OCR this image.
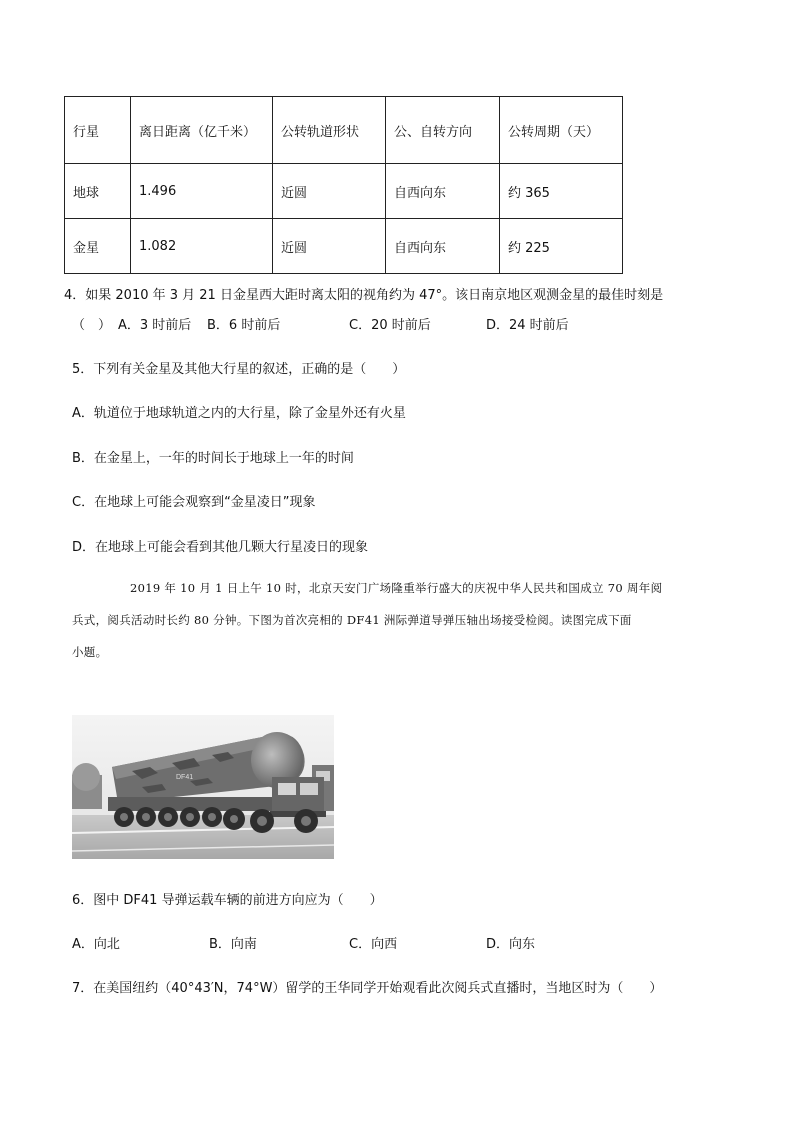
行星	离日距离（亿千米）	公转轨道形状	公、自转方向	公转周期（天）
地球	1.496	近圆	自西向东	约 365
金星	1.082	近圆	自西向东	约 225
4．如果 2010 年 3 月 21 日金星西大距时离太阳的视角约为 47°。该日南京地区观测金星的最佳时刻是
（　） A．3 时前后 B．6 时前后	C．20 时前后	D．24 时前后
5．下列有关金星及其他大行星的叙述，正确的是（　　）
A．轨道位于地球轨道之内的大行星，除了金星外还有火星
B．在金星上，一年的时间长于地球上一年的时间
C．在地球上可能会观察到“金星凌日”现象
D．在地球上可能会看到其他几颗大行星凌日的现象
2019 年 10 月 1 日上午 10 时，北京天安门广场隆重举行盛大的庆祝中华人民共和国成立 70 周年阅
兵式，阅兵活动时长约 80 分钟。下图为首次亮相的 DF41 洲际弹道导弹压轴出场接受检阅。读图完成下面
小题。
DF41
6．图中 DF41 导弹运载车辆的前进方向应为（　　）
A．向北	B．向南	C．向西	D．向东
7．在美国纽约（40°43′N，74°W）留学的王华同学开始观看此次阅兵式直播时，当地区时为（　　）
